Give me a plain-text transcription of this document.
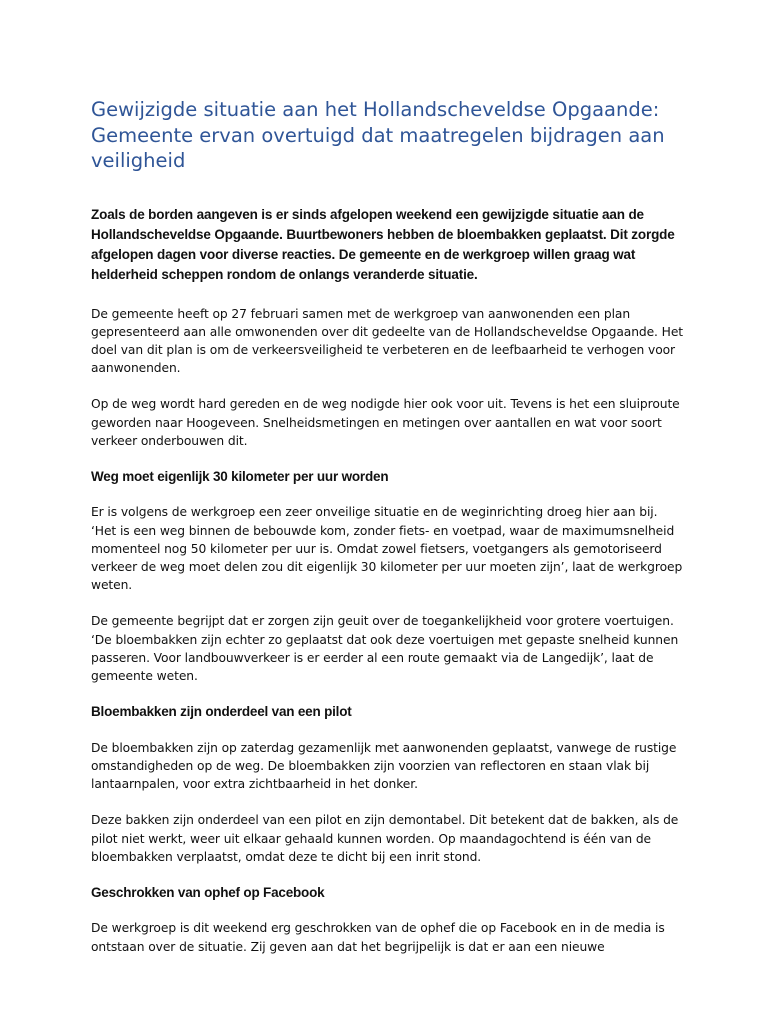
Gewijzigde situatie aan het Hollandscheveldse Opgaande: Gemeente ervan overtuigd dat maatregelen bijdragen aan veiligheid

Zoals de borden aangeven is er sinds afgelopen weekend een gewijzigde situatie aan de Hollandscheveldse Opgaande. Buurtbewoners hebben de bloembakken geplaatst. Dit zorgde afgelopen dagen voor diverse reacties. De gemeente en de werkgroep willen graag wat helderheid scheppen rondom de onlangs veranderde situatie.

De gemeente heeft op 27 februari samen met de werkgroep van aanwonenden een plan gepresenteerd aan alle omwonenden over dit gedeelte van de Hollandscheveldse Opgaande. Het doel van dit plan is om de verkeersveiligheid te verbeteren en de leefbaarheid te verhogen voor aanwonenden.

Op de weg wordt hard gereden en de weg nodigde hier ook voor uit. Tevens is het een sluiproute geworden naar Hoogeveen. Snelheidsmetingen en metingen over aantallen en wat voor soort verkeer onderbouwen dit.

Weg moet eigenlijk 30 kilometer per uur worden

Er is volgens de werkgroep een zeer onveilige situatie en de weginrichting droeg hier aan bij. ‘Het is een weg binnen de bebouwde kom, zonder fiets- en voetpad, waar de maximumsnelheid momenteel nog 50 kilometer per uur is. Omdat zowel fietsers, voetgangers als gemotoriseerd verkeer de weg moet delen zou dit eigenlijk 30 kilometer per uur moeten zijn’, laat de werkgroep weten.

De gemeente begrijpt dat er zorgen zijn geuit over de toegankelijkheid voor grotere voertuigen. ‘De bloembakken zijn echter zo geplaatst dat ook deze voertuigen met gepaste snelheid kunnen passeren. Voor landbouwverkeer is er eerder al een route gemaakt via de Langedijk’, laat de gemeente weten.

Bloembakken zijn onderdeel van een pilot

De bloembakken zijn op zaterdag gezamenlijk met aanwonenden geplaatst, vanwege de rustige omstandigheden op de weg. De bloembakken zijn voorzien van reflectoren en staan vlak bij lantaarnpalen, voor extra zichtbaarheid in het donker.

Deze bakken zijn onderdeel van een pilot en zijn demontabel. Dit betekent dat de bakken, als de pilot niet werkt, weer uit elkaar gehaald kunnen worden. Op maandagochtend is één van de bloembakken verplaatst, omdat deze te dicht bij een inrit stond.

Geschrokken van ophef op Facebook

De werkgroep is dit weekend erg geschrokken van de ophef die op Facebook en in de media is ontstaan over de situatie. Zij geven aan dat het begrijpelijk is dat er aan een nieuwe
